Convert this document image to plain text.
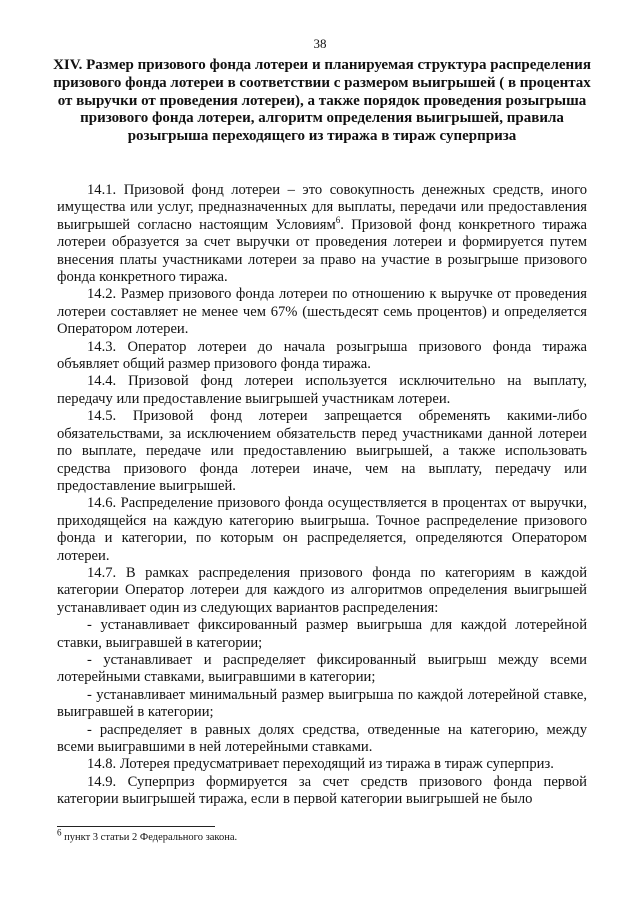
38
XIV. Размер призового фонда лотереи и планируемая структура распределения призового фонда лотереи в соответствии с размером выигрышей ( в процентах от выручки от проведения лотереи), а также порядок проведения розыгрыша призового фонда лотереи, алгоритм определения выигрышей, правила розыгрыша переходящего из тиража в тираж суперприза

14.1. Призовой фонд лотереи – это совокупность денежных средств, иного имущества или услуг, предназначенных для выплаты, передачи или предоставления выигрышей согласно настоящим Условиям$^6$. Призовой фонд конкретного тиража лотереи образуется за счет выручки от проведения лотереи и формируется путем внесения платы участниками лотереи за право на участие в розыгрыше призового фонда конкретного тиража.

14.2. Размер призового фонда лотереи по отношению к выручке от проведения лотереи составляет не менее чем 67% (шестьдесят семь процентов) и определяется Оператором лотереи.

14.3. Оператор лотереи до начала розыгрыша призового фонда тиража объявляет общий размер призового фонда тиража.

14.4. Призовой фонд лотереи используется исключительно на выплату, передачу или предоставление выигрышей участникам лотереи.

14.5. Призовой фонд лотереи запрещается обременять какими-либо обязательствами, за исключением обязательств перед участниками данной лотереи по выплате, передаче или предоставлению выигрышей, а также использовать средства призового фонда лотереи иначе, чем на выплату, передачу или предоставление выигрышей.

14.6. Распределение призового фонда осуществляется в процентах от выручки, приходящейся на каждую категорию выигрыша. Точное распределение призового фонда и категории, по которым он распределяется, определяются Оператором лотереи.

14.7. В рамках распределения призового фонда по категориям в каждой категории Оператор лотереи для каждого из алгоритмов определения выигрышей устанавливает один из следующих вариантов распределения:

- устанавливает фиксированный размер выигрыша для каждой лотерейной ставки, выигравшей в категории;

- устанавливает и распределяет фиксированный выигрыш между всеми лотерейными ставками, выигравшими в категории;

- устанавливает минимальный размер выигрыша по каждой лотерейной ставке, выигравшей в категории;

- распределяет в равных долях средства, отведенные на категорию, между всеми выигравшими в ней лотерейными ставками.

14.8. Лотерея предусматривает переходящий из тиража в тираж суперприз.

14.9. Суперприз формируется за счет средств призового фонда первой категории выигрышей тиража, если в первой категории выигрышей не было

$^6$ пункт 3 статьи 2 Федерального закона.
